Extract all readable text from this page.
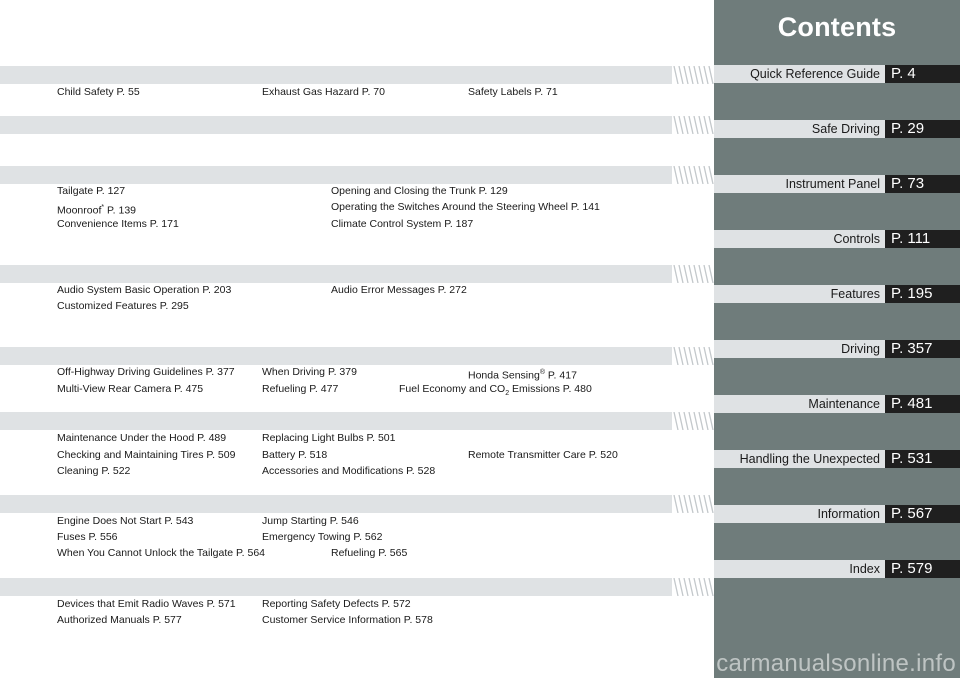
Child Safety P. 55	Exhaust Gas Hazard P. 70	Safety Labels P. 71
Tailgate P. 127	Opening and Closing the Trunk P. 129
Moonroof* P. 139	Operating the Switches Around the Steering Wheel P. 141
Convenience Items P. 171	Climate Control System P. 187
Audio System Basic Operation P. 203	Audio Error Messages P. 272
Customized Features P. 295
Off-Highway Driving Guidelines P. 377	When Driving P. 379	Honda Sensing® P. 417
Multi-View Rear Camera P. 475	Refueling P. 477	Fuel Economy and $CO_2$ Emissions P. 480
Maintenance Under the Hood P. 489	Replacing Light Bulbs P. 501
Checking and Maintaining Tires P. 509	Battery P. 518	Remote Transmitter Care P. 520
Cleaning P. 522	Accessories and Modifications P. 528
Engine Does Not Start P. 543	Jump Starting P. 546
Fuses P. 556	Emergency Towing P. 562
When You Cannot Unlock the Tailgate P. 564	Refueling P. 565
Devices that Emit Radio Waves P. 571	Reporting Safety Defects P. 572
Authorized Manuals P. 577	Customer Service Information P. 578
Contents
Quick Reference Guide P. 4
Safe Driving P. 29
Instrument Panel P. 73
Controls P. 111
Features P. 195
Driving P. 357
Maintenance P. 481
Handling the Unexpected P. 531
Information P. 567
Index P. 579
carmanualsonline.info
